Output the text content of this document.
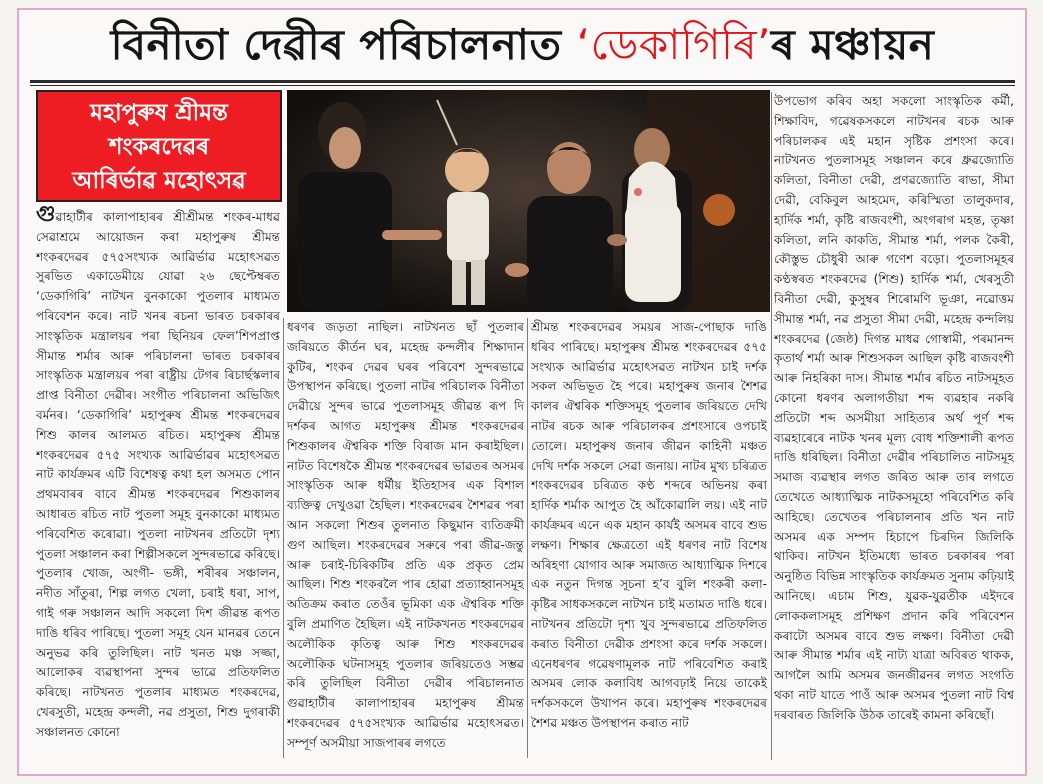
বিনীতা দেৱীৰ পৰিচালনাত ‘ডেকাগিৰি’ৰ মঞ্চায়ন
মহাপুৰুষ শ্ৰীমন্ত
শংকৰদেৱৰ
আৰিৰ্ভাৱ মহোৎসৱ

গুৱাহাটীৰ কালাপাহাৰৰ শ্ৰীশ্ৰীমন্ত শংকৰ-মাধৱ সেৱাশ্ৰমে আয়োজন কৰা মহাপুৰুষ শ্ৰীমন্ত শংকৰদেৱৰ ৫৭৫সংখ্যক আৱিৰ্ভাৱ মহোৎসৱত সুৰভিত একাডেমীয়ে যোৱা ২৬ ছেপ্টেম্বৰত ‘ডেকাগিৰি’ নাটখন বুনকাকো পুতলাৰ মাধ্যমত পৰিবেশন কৰে। নাট খনৰ ৰচনা ভাৰত চৰকাৰৰ সাংস্কৃতিক মন্ত্ৰালয়ৰ পৰা ছিনিয়ৰ ফেল’শিপপ্ৰাপ্ত সীমান্ত শৰ্মাৰ আৰু পৰিচালনা ভাৰত চৰকাৰৰ সাংস্কৃতিক মন্ত্ৰালয়ৰ পৰা ৰাষ্ট্ৰীয় টেগৰ ৰিচাৰ্ছস্কলাৰ প্ৰাপ্ত বিনীতা দেৱীৰ। সংগীত পৰিচালনা অভিজিৎ বৰ্মনৰ। ‘ডেকাগিৰি’ মহাপুৰুষ শ্ৰীমন্ত শংকৰদেৱৰ শিশু কালৰ আলমত ৰচিত। মহাপুৰুষ শ্ৰীমন্ত শংকৰদেৱৰ ৫৭৫ সংখ্যক আৱিৰ্ভাৱৰ মহোৎসৱত নাট কাৰ্যক্ৰমৰ এটি বিশেষত্ব কথা হল অসমত পোন প্ৰথমবাৰৰ বাবে শ্ৰীমন্ত শংকৰদেৱৰ শিশুকালৰ আধাৰত ৰচিত নাট পুতলা সমূহ বুনকাকো মাধ্যমত পৰিবেশিত কৰোৱা। পুতলা নাটখনৰ প্ৰতিটো দৃশ্য পুতলা সঞ্চালন কৰা শিল্পীসকলে সুন্দৰভাৱে কৰিছে। পুতলাৰ খোজ, অংগী- ভঙ্গী, শৰীৰৰ সঞ্চালন, নদীত সাঁতুৰা, শিল্প লগত খেলা, চৰাই ধৰা, সাপ, গাই গৰু সঞ্চালন আদি সকলো দিশ জীৱন্ত ৰূপত দাঙি ধৰিব পাৰিছে। পুতলা সমূহ যেন মানৱৰ তেনে অনুভৱ কৰি তুলিছিল। নাট খনত মঞ্চ সজ্জা, আলোকৰ ব্যৱস্থাপনা সুন্দৰ ভাৱে প্ৰতিফলিত কৰিছে। নাটখনত পুতলাৰ মাধ্যমত শংকৰদেৱ, খেৰসুতী, মহেন্দ্ৰ কন্দলী, নৱ প্ৰসুতা, শিশু দুগৰাকী সঞ্চালনত কোনো

ধৰণৰ জড়তা নাছিল। নাটখনত ছাঁ পুতলাৰ জৰিয়তে কীৰ্তন ঘৰ, মহেন্দ্ৰ কন্দলীৰ শিক্ষাদান কুটিৰ, শংকৰ দেৱৰ ঘৰৰ পৰিবেশ সুন্দৰভাৱে উপস্থাপন কৰিছে। পুতলা নাটৰ পৰিচালক বিনীতা দেৱীয়ে সুন্দৰ ভাৱে পুতলাসমূহ জীৱন্ত ৰূপ দি দৰ্শকৰ আগত মহাপুৰুষ শ্ৰীমন্ত শংকৰদেৱৰ শিশুকালৰ ঐশ্বৰিক শক্তি বিৰাজ মান কৰাইছিল। নাটত বিশেষকৈ শ্ৰীমন্ত শংকৰদেৱৰ ভাৱতৰ অসমৰ সাংস্কৃতিক আৰু ধৰ্মীয় ইতিহাসৰ এক বিশাল ব্যক্তিত্ব দেখুওৱা হৈছিল। শংকৰদেৱৰ শৈশৱৰ পৰা আন সকলো শিশুৰ তুলনাত কিছুমান ব্যতিক্ৰমী গুণ আছিল। শংকৰদেৱৰ সৰুৰে পৰা জীৱ-জন্তু আৰু চৰাই-চিৰিকটিৰ প্ৰতি এক প্ৰকৃত প্ৰেম আছিল। শিশু শংকৰলৈ পাৰ হোৱা প্ৰত্যাহ্বানসমূহ অতিক্ৰম কৰাত তেওঁৰ ভূমিকা এক ঐশ্বৰিক শক্তি বুলি প্ৰমাণিত হৈছিল। এই নাটকখনত শংকৰদেৱৰ অলৌকিক কৃতিত্ব আৰু শিশু শংকৰদেৱৰ অলৌকিক ঘটনাসমূহ পুতলাৰ জৰিয়তেও সম্ভৱ কৰি তুলিছিল বিনীতা দেৱীৰ পৰিচালনাত গুৱাহাটীৰ কালাপাহাৰৰ মহাপুৰুষ শ্ৰীমন্ত শংকৰদেৱৰ ৫৭৫সংখ্যক আৱিৰ্ভাৱ মহোৎসৱত। সম্পূৰ্ণ অসমীয়া সাজপাৰৰ লগতে

শ্ৰীমন্ত শংকৰদেৱৰ সময়ৰ সাজ-পোছাক দাঙি ধৰিব পাৰিছে। মহাপুৰুষ শ্ৰীমন্ত শংকৰদেৱৰ ৫৭৫ সংখ্যক আৱিৰ্ভাৱ মহোৎসৱত নাটখন চাই দৰ্শক সকল অভিভূত হৈ পৰে। মহাপুৰুষ জনাৰ শৈশৱ কালৰ ঐশ্বৰিক শক্তিসমূহ পুতলাৰ জৰিয়তে দেখি নাটৰ ৰচক আৰু পৰিচালকৰ প্ৰশংসাৰে ওপচাই তোলে। মহাপুৰুষ জনাৰ জীৱন কাহিনী মঞ্চত দেখি দৰ্শক সকলে সেৱা জনায়। নাটৰ মুখ্য চৰিত্ৰত শংকৰদেৱৰ চৰিত্ৰত কণ্ঠ শব্দৰে অভিনয় কৰা হাৰ্দিক শৰ্মাক আপুত হৈ আঁকোৱালি লয়। এই নাট কাৰ্যক্ৰমৰ এনে এক মহান কাৰ্যই অসমৰ বাবে শুভ লক্ষণ। শিক্ষাৰ ক্ষেত্ৰতো এই ধৰণৰ নাট বিশেষ অৰিহণা যোগাব আৰু সমাজত আধ্যাত্মিক দিশৰে এক নতুন দিগন্ত সূচনা হ’ব বুলি শংকৰী কলা-কৃষ্টিৰ সাধকসকলে নাটখন চাই মতামত দাঙি ধৰে। নাটখনৰ প্ৰতিটো দৃশ্য খুব সুন্দৰভাৱে প্ৰতিফলিত কৰাত বিনীতা দেৱীক প্ৰশংসা কৰে দৰ্শক সকলে। এনেধৰণৰ গৱেষণামূলক নাট পৰিবেশিত কৰাই অসমৰ লোক কলাবিধ আগবঢ়াই নিয়ে তাকেই দৰ্শকসকলে উখাপন কৰে। মহাপুৰুষ শংকৰদেৱৰ শৈশৱ মঞ্চত উপস্থাপন কৰাত নাট

উপভোগ কৰিব অহা সকলো সাংস্কৃতিক কৰ্মী, শিক্ষাবিদ, গৱেষকসকলে নাটখনৰ ৰচক আৰু পৰিচালকৰ এই মহান সৃষ্টিক প্ৰশংসা কৰে। নাটখনত পুতলাসমূহ সঞ্চালন কৰে ধ্ৰুৱজ্যোতি কলিতা, বিনীতা দেৱী, প্ৰণৱজ্যোতি ৰাভা, সীমা দেৱী, বেকিবুল আহমেদ, কৰিস্মিতা তালুকদাৰ, হাৰ্দিক শৰ্মা, কৃষ্টি ৰাজবংশী, অংগৰাগ মহন্ত, তৃষ্ণা কলিতা, লনি কাকতি, সীমান্ত শৰ্মা, পলক কৈৰী, কৌস্তুভ চৌধুৰী আৰু গণেশ বড়ো। পুতলাসমূহৰ কণ্ঠস্বৰত শংকৰদেৱ (শিশু) হাৰ্দিক শৰ্মা, খেৰসুতী বিনীতা দেৱী, কুসুম্বৰ শিৰোমণি ভূঞা, নৱোত্তম সীমান্ত শৰ্মা, নৱ প্ৰসুতা সীমা দেৱী, মহেন্দ্ৰ কন্দলিয় শংকৰদেৱ (জেষ্ঠ) দিগন্ত মাধৱ গোস্বামী, পৰমানন্দ কৃতাৰ্থ শৰ্মা আৰু শিশুসকল আছিল কৃষ্টি ৰাজবংশী আৰু নিহৰিকা দাস। সীমান্ত শৰ্মাৰ ৰচিত নাটসমূহত কোনো ধৰণৰ অলাগতীয়া শব্দ ব্যৱহাৰ নকৰি প্ৰতিটো শব্দ অসমীয়া সাহিত্যৰ অৰ্থ পূৰ্ণ শব্দ ব্যৱহাৰেৰে নাটক খনৰ মূল্য বোধ শক্তিশালী ৰূপত দাঙি ধৰিছিল। বিনীতা দেৱীৰ পৰিচালিত নাটসমূহ সমাজ ব্যৱস্থাৰ লগত জৰিত আৰু তাৰ লগতে তেখেতে আধ্যাত্মিক নাটকসমূহো পৰিবেশিত কৰি আহিছে। তেখেতৰ পৰিচালনাৰ প্ৰতি খন নাট অসমৰ এক সম্পদ হিচাপে চিৰদিন জিলিকি থাকিব। নাটখন ইতিমধ্যে ভাৰত চৰকাৰৰ পৰা অনুষ্ঠিত বিভিন্ন সাংস্কৃতিক কাৰ্যক্ৰমত সুনাম কঢ়িয়াই আনিছে। এচাম শিশু, যুৱক-যুৱতীক এইদৰে লোককলাসমূহ প্ৰশিক্ষণ প্ৰদান কৰি পৰিবেশন কৰাটো অসমৰ বাবে শুভ লক্ষণ। বিনীতা দেৱী আৰু সীমান্ত শৰ্মাৰ এই নাট্য যাত্ৰা অবিৰত থাকক, আগলৈ আমি অসমৰ জনজীৱনৰ লগত সংগতি থকা নাট যাতে পাওঁ আৰু অসমৰ পুতলা নাট বিশ্ব দৰবাৰত জিলিকি উঠক তাৰেই কামনা কৰিছোঁ।
